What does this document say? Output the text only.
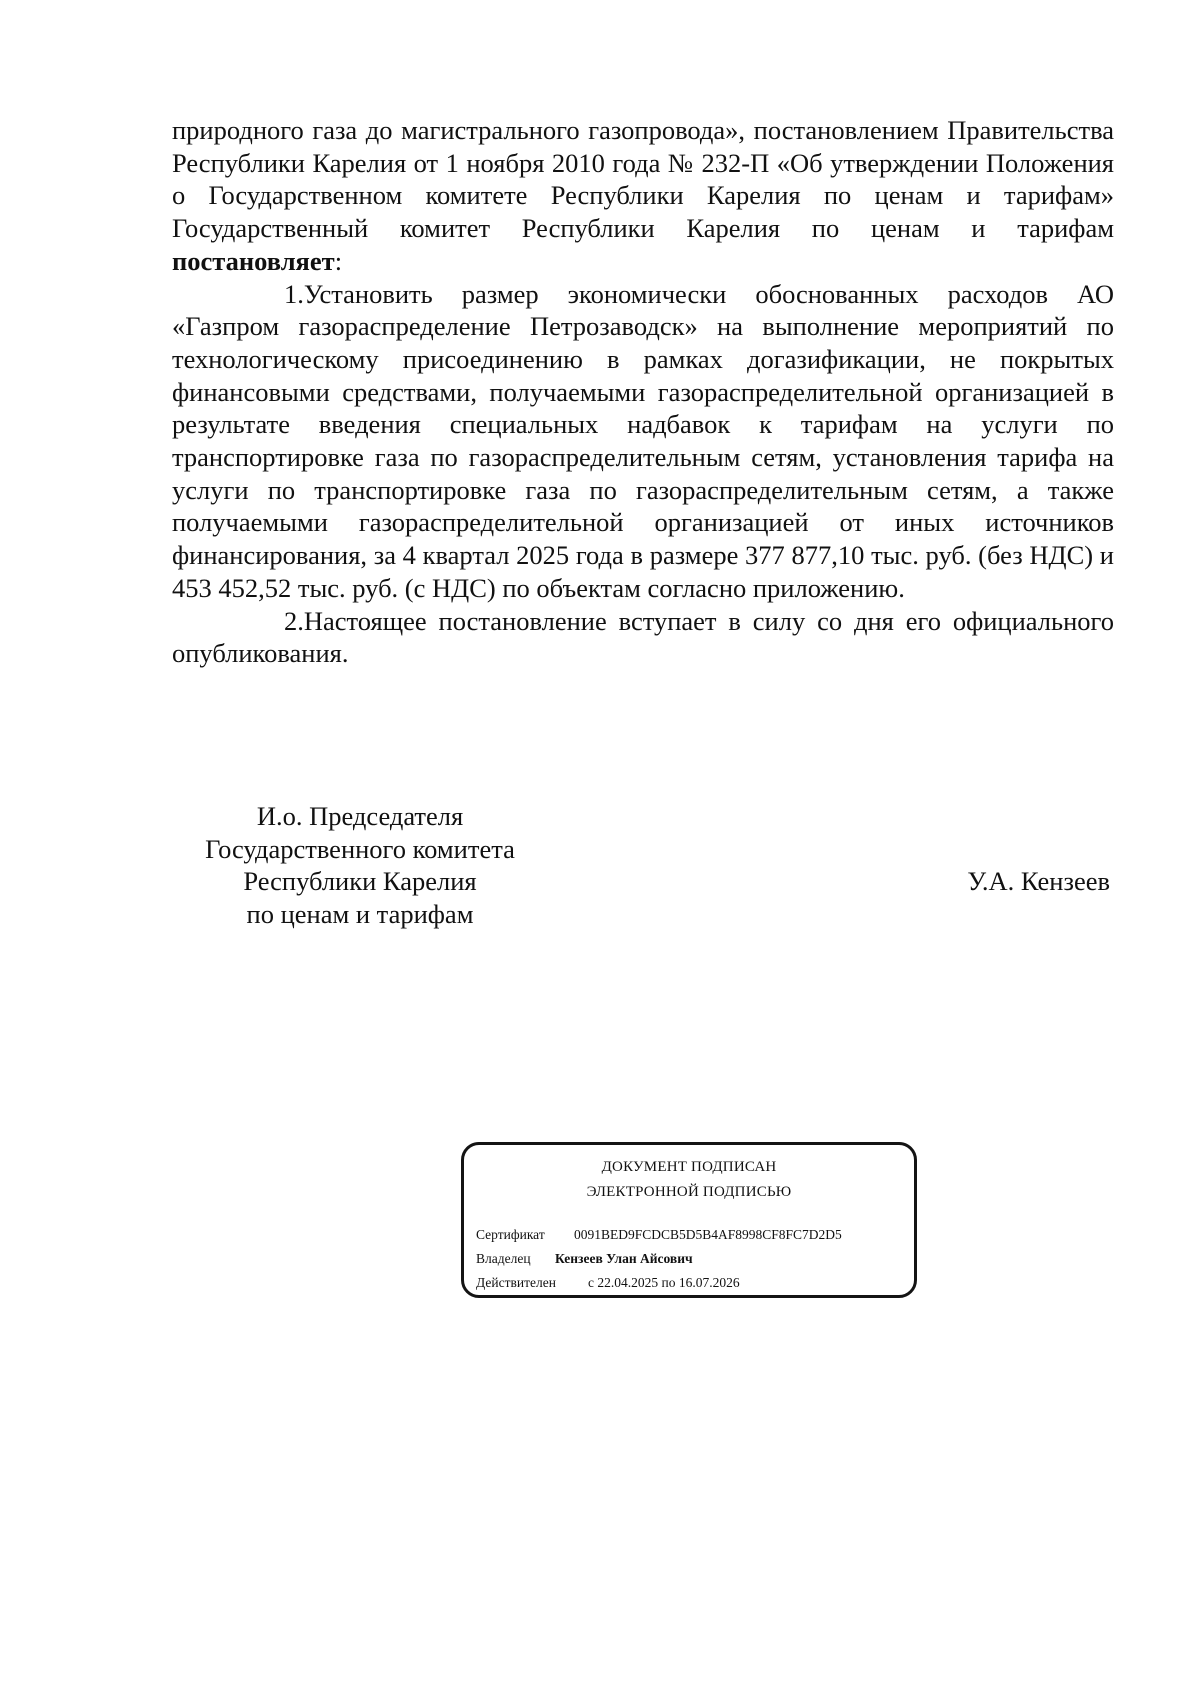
природного газа до магистрального газопровода», постановлением Правительства Республики Карелия от 1 ноября 2010 года № 232-П «Об утверждении Положения о Государственном комитете Республики Карелия по ценам и тарифам» Государственный комитет Республики Карелия по ценам и тарифам постановляет:

1.Установить размер экономически обоснованных расходов АО «Газпром газораспределение Петрозаводск» на выполнение мероприятий по технологическому присоединению в рамках догазификации, не покрытых финансовыми средствами, получаемыми газораспределительной организацией в результате введения специальных надбавок к тарифам на услуги по транспортировке газа по газораспределительным сетям, установления тарифа на услуги по транспортировке газа по газораспределительным сетям, а также получаемыми газораспределительной организацией от иных источников финансирования, за 4 квартал 2025 года в размере 377 877,10 тыс. руб. (без НДС) и 453 452,52 тыс. руб. (с НДС) по объектам согласно приложению.

2.Настоящее постановление вступает в силу со дня его официального опубликования.

И.о. Председателя
Государственного комитета
Республики Карелия
по ценам и тарифам
У.А. Кензеев
ДОКУМЕНТ ПОДПИСАН
ЭЛЕКТРОННОЙ ПОДПИСЬЮ
Сертификат 0091BED9FCDCB5D5B4AF8998CF8FC7D2D5
Владелец Кензеев Улан Айсович
Действителен с 22.04.2025 по 16.07.2026
